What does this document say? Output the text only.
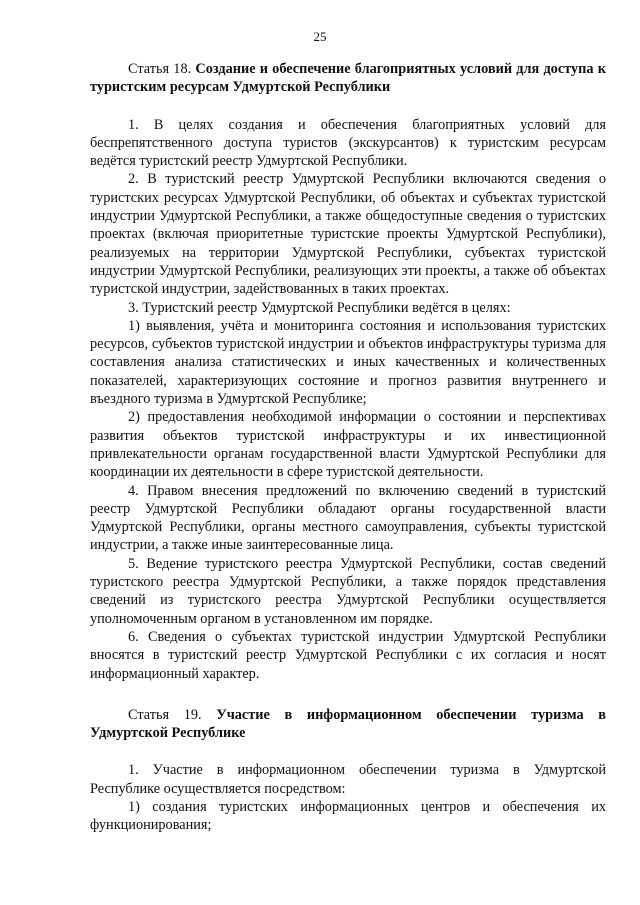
25

Статья 18. Создание и обеспечение благоприятных условий для доступа к туристским ресурсам Удмуртской Республики

1. В целях создания и обеспечения благоприятных условий для беспрепятственного доступа туристов (экскурсантов) к туристским ресурсам ведётся туристский реестр Удмуртской Республики.

2. В туристский реестр Удмуртской Республики включаются сведения о туристских ресурсах Удмуртской Республики, об объектах и субъектах туристской индустрии Удмуртской Республики, а также общедоступные сведения о туристских проектах (включая приоритетные туристские проекты Удмуртской Республики), реализуемых на территории Удмуртской Республики, субъектах туристской индустрии Удмуртской Республики, реализующих эти проекты, а также об объектах туристской индустрии, задействованных в таких проектах.

3. Туристский реестр Удмуртской Республики ведётся в целях:

1) выявления, учёта и мониторинга состояния и использования туристских ресурсов, субъектов туристской индустрии и объектов инфраструктуры туризма для составления анализа статистических и иных качественных и количественных показателей, характеризующих состояние и прогноз развития внутреннего и въездного туризма в Удмуртской Республике;

2) предоставления необходимой информации о состоянии и перспективах развития объектов туристской инфраструктуры и их инвестиционной привлекательности органам государственной власти Удмуртской Республики для координации их деятельности в сфере туристской деятельности.

4. Правом внесения предложений по включению сведений в туристский реестр Удмуртской Республики обладают органы государственной власти Удмуртской Республики, органы местного самоуправления, субъекты туристской индустрии, а также иные заинтересованные лица.

5. Ведение туристского реестра Удмуртской Республики, состав сведений туристского реестра Удмуртской Республики, а также порядок представления сведений из туристского реестра Удмуртской Республики осуществляется уполномоченным органом в установленном им порядке.

6. Сведения о субъектах туристской индустрии Удмуртской Республики вносятся в туристский реестр Удмуртской Республики с их согласия и носят информационный характер.

Статья 19. Участие в информационном обеспечении туризма в Удмуртской Республике

1. Участие в информационном обеспечении туризма в Удмуртской Республике осуществляется посредством:

1) создания туристских информационных центров и обеспечения их функционирования;
